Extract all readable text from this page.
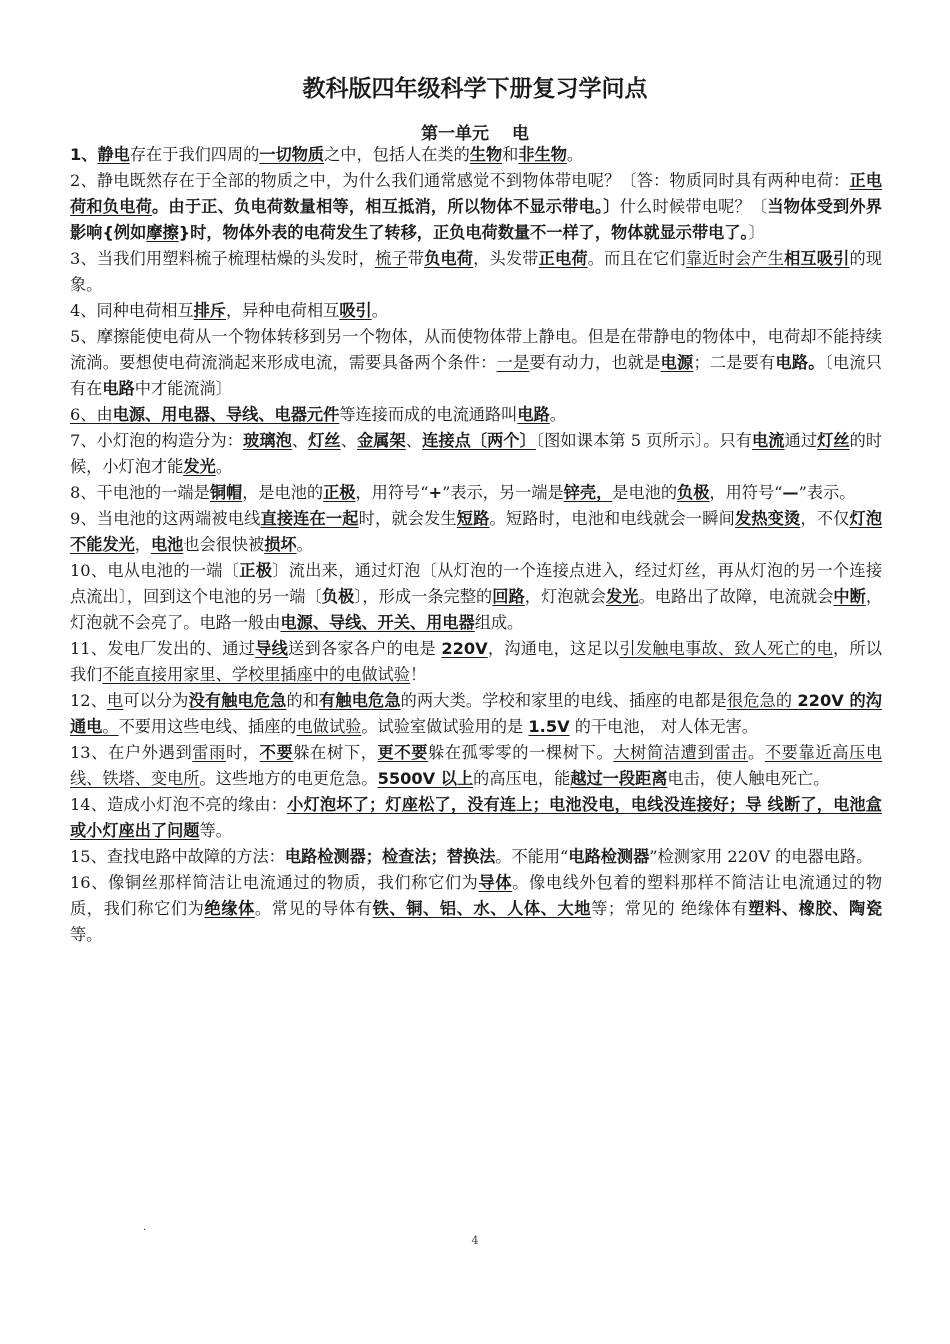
教科版四年级科学下册复习学问点
第一单元　 电

1、静电存在于我们四周的一切物质之中，包括人在类的生物和非生物。

2、静电既然存在于全部的物质之中，为什么我们通常感觉不到物体带电呢？〔答：物质同时具有两种电荷：正电荷和负电荷。由于正、负电荷数量相等，相互抵消，所以物体不显示带电。〕什么时候带电呢？〔当物体受到外界影响{例如摩擦}时，物体外表的电荷发生了转移，正负电荷数量不一样了，物体就显示带电了。〕

3、当我们用塑料梳子梳理枯燥的头发时，梳子带负电荷，头发带正电荷。而且在它们靠近时会产生相互吸引的现象。

4、同种电荷相互排斥，异种电荷相互吸引。

5、摩擦能使电荷从一个物体转移到另一个物体，从而使物体带上静电。但是在带静电的物体中，电荷却不能持续流淌。要想使电荷流淌起来形成电流，需要具备两个条件：一是要有动力，也就是电源；二是要有电路。〔电流只有在电路中才能流淌〕

6、由电源、用电器、导线、电器元件等连接而成的电流通路叫电路。

7、小灯泡的构造分为：玻璃泡、灯丝、金属架、连接点〔两个〕〔图如课本第 5 页所示〕。只有电流通过灯丝的时候，小灯泡才能发光。

8、干电池的一端是铜帽，是电池的正极，用符号“+”表示，另一端是锌壳，是电池的负极，用符号“—”表示。

9、当电池的这两端被电线直接连在一起时，就会发生短路。短路时，电池和电线就会一瞬间发热变烫，不仅灯泡不能发光，电池也会很快被损坏。

10、电从电池的一端〔正极〕流出来，通过灯泡〔从灯泡的一个连接点进入，经过灯丝，再从灯泡的另一个连接点流出〕，回到这个电池的另一端〔负极〕，形成一条完整的回路，灯泡就会发光。电路出了故障，电流就会中断，灯泡就不会亮了。电路一般由电源、导线、开关、用电器组成。

11、发电厂发出的、通过导线送到各家各户的电是 220V，沟通电，这足以引发触电事故、致人死亡的电，所以我们不能直接用家里、学校里插座中的电做试验！

12、电可以分为没有触电危急的和有触电危急的两大类。学校和家里的电线、插座的电都是很危急的 220V 的沟通电。不要用这些电线、插座的电做试验。试验室做试验用的是 1.5V 的干电池， 对人体无害。

13、在户外遇到雷雨时，不要躲在树下，更不要躲在孤零零的一棵树下。大树简洁遭到雷击。不要靠近高压电线、铁塔、变电所。这些地方的电更危急。5500V 以上的高压电，能越过一段距离电击，使人触电死亡。

14、造成小灯泡不亮的缘由：小灯泡坏了；灯座松了，没有连上；电池没电，电线没连接好；导 线断了，电池盒或小灯座出了问题等。

15、查找电路中故障的方法：电路检测器；检查法；替换法。不能用“电路检测器”检测家用 220V 的电器电路。

16、像铜丝那样简洁让电流通过的物质，我们称它们为导体。像电线外包着的塑料那样不简洁让电流通过的物质，我们称它们为绝缘体。常见的导体有铁、铜、铝、水、人体、大地等；常见的 绝缘体有塑料、橡胶、陶瓷等。

.
4
